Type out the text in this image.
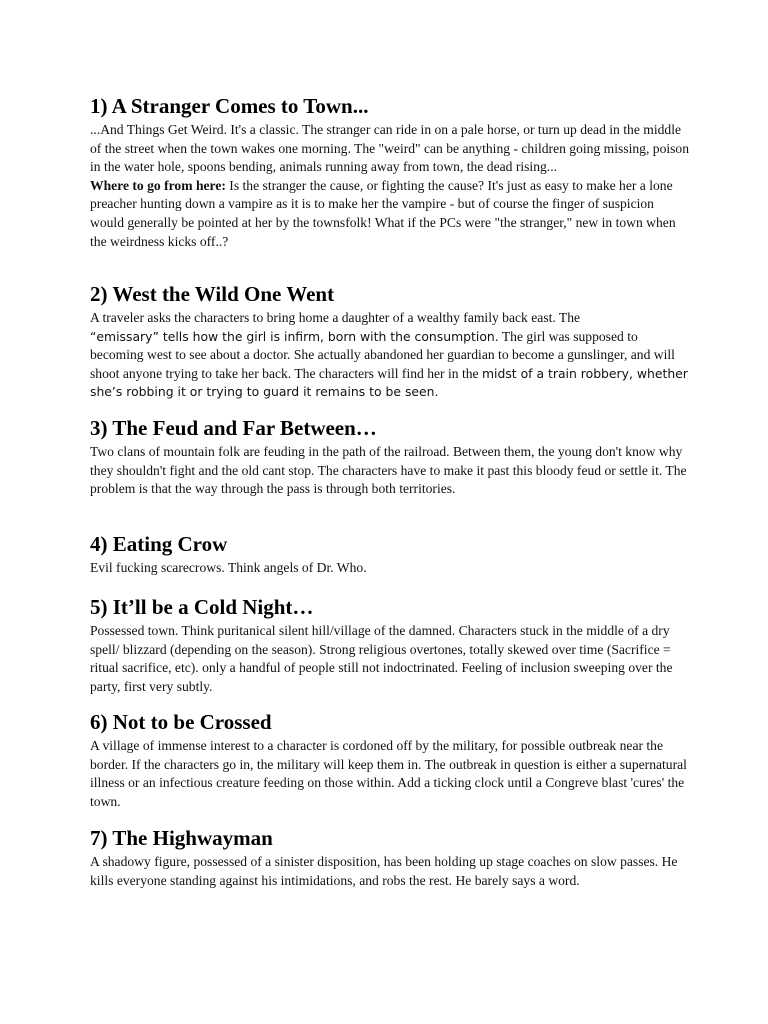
1) A Stranger Comes to Town...

...And Things Get Weird. It's a classic. The stranger can ride in on a pale horse, or turn up dead in the middle of the street when the town wakes one morning. The "weird" can be anything - children going missing, poison in the water hole, spoons bending, animals running away from town, the dead rising...

Where to go from here: Is the stranger the cause, or fighting the cause? It's just as easy to make her a lone preacher hunting down a vampire as it is to make her the vampire - but of course the finger of suspicion would generally be pointed at her by the townsfolk! What if the PCs were "the stranger," new in town when the weirdness kicks off..?

2) West the Wild One Went

A traveler asks the characters to bring home a daughter of a wealthy family back east. The
“emissary” tells how the girl is infirm, born with the consumption. The girl was supposed to becoming west to see about a doctor. She actually abandoned her guardian to become a gunslinger, and will shoot anyone trying to take her back. The characters will find her in the midst of a train robbery, whether she’s robbing it or trying to guard it remains to be seen.

3) The Feud and Far Between…

Two clans of mountain folk are feuding in the path of the railroad. Between them, the young don't know why they shouldn't fight and the old cant stop. The characters have to make it past this bloody feud or settle it. The problem is that the way through the pass is through both territories.

4) Eating Crow

Evil fucking scarecrows. Think angels of Dr. Who.

5) It’ll be a Cold Night…

Possessed town. Think puritanical silent hill/village of the damned. Characters stuck in the middle of a dry spell/ blizzard (depending on the season). Strong religious overtones, totally skewed over time (Sacrifice = ritual sacrifice, etc). only a handful of people still not indoctrinated. Feeling of inclusion sweeping over the party, first very subtly.

6) Not to be Crossed

A village of immense interest to a character is cordoned off by the military, for possible outbreak near the border. If the characters go in, the military will keep them in. The outbreak in question is either a supernatural illness or an infectious creature feeding on those within. Add a ticking clock until a Congreve blast 'cures' the town.

7) The Highwayman

A shadowy figure, possessed of a sinister disposition, has been holding up stage coaches on slow passes. He kills everyone standing against his intimidations, and robs the rest. He barely says a word.
